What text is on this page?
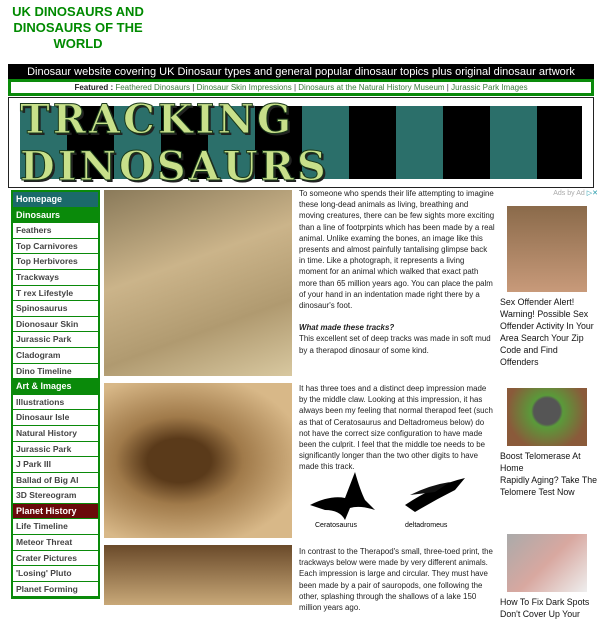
UK DINOSAURS AND DINOSAURS OF THE WORLD
Dinosaur website covering UK Dinosaur types and general popular dinosaur topics plus original dinosaur artwork
Featured : Feathered Dinosaurs | Dinosaur Skin Impressions | Dinosaurs at the Natural History Museum | Jurassic Park Images
TRACKING DINOSAURS
Homepage
Dinosaurs
Feathers
Top Carnivores
Top Herbivores
Trackways
T rex Lifestyle
Spinosaurus
Dionosaur Skin
Jurassic Park
Cladogram
Dino Timeline
Art & Images
Illustrations
Dinosaur Isle
Natural History
Jurassic Park
J Park III
Ballad of Big Al
3D Stereogram
Planet History
Life Timeline
Meteor Threat
Crater Pictures
'Losing' Pluto
Planet Forming

To someone who spends their life attempting to imagine these long-dead animals as living, breathing and moving creatures, there can be few sights more exciting than a line of footprpints which has been made by a real animal. Unlike examing the bones, an image like this presents and almost painfully tantalising glimpse back in time. Like a photograph, it represents a living moment for an animal which walked that exact path more than 65 million years ago. You can place the palm of your hand in an indentation made right there by a dinosaur's foot.

What made these tracks?

This excellent set of deep tracks was made in soft mud by a therapod dinosaur of some kind.

It has three toes and a distinct deep impression made by the middle claw. Looking at this impression, it has always been my feeling that normal therapod feet (such as that of Ceratosaurus and Deltadromeus below) do not have the correct size configuration to have made been the culprit. I feel that the middle toe needs to be significantly longer than the two other digits to have made this track.
Ceratosaurus	deltadromeus
In contrast to the Therapod's small, three-toed print, the trackways below were made by very different animals. Each impression is large and circular. They must have been made by a pair of sauropods, one following the other, splashing through the shallows of a lake 150 million years ago.
Ads by Ad ▷✕
Sex Offender Alert!
Warning! Possible Sex Offender Activity In Your Area Search Your Zip Code and Find Offenders
Boost Telomerase At Home
Rapidly Aging? Take The Telomere Test Now
How To Fix Dark Spots
Don't Cover Up Your
